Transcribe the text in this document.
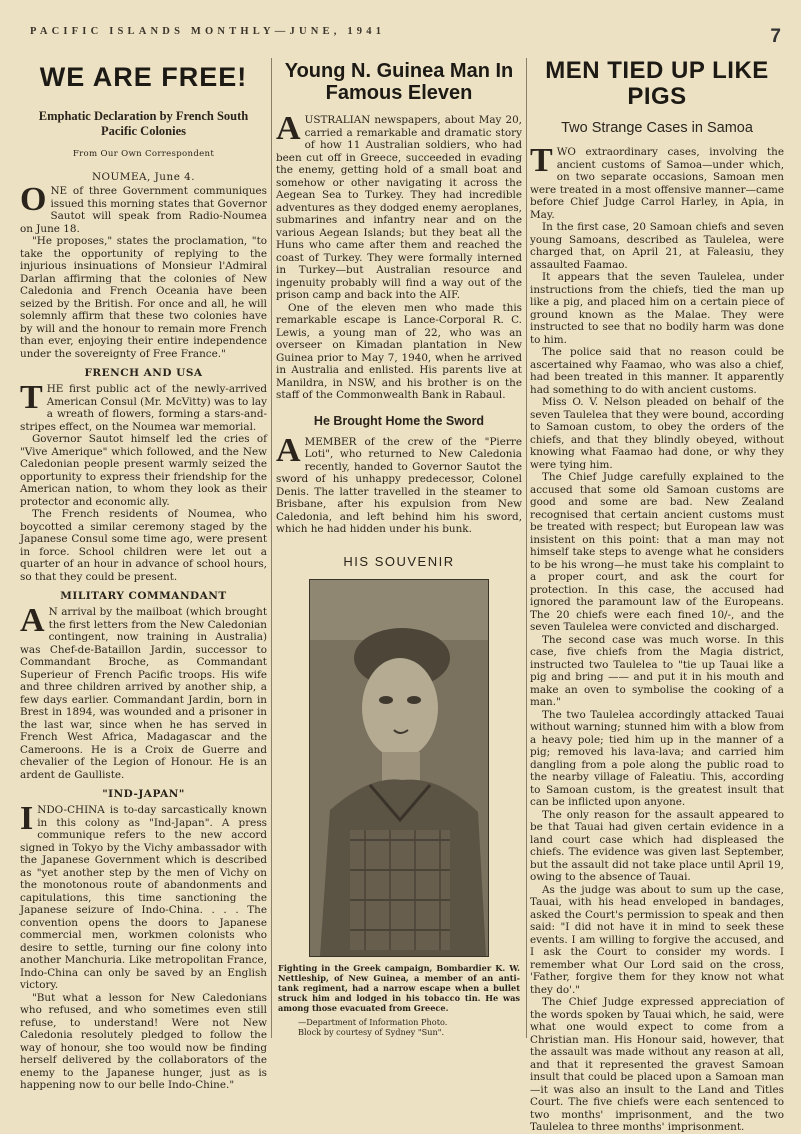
PACIFIC ISLANDS MONTHLY—JUNE, 1941	7
WE ARE FREE!
Emphatic Declaration by French South Pacific Colonies
From Our Own Correspondent
NOUMEA, June 4.

ONE of three Government communiques issued this morning states that Governor Sautot will speak from Radio-Noumea on June 18.

"He proposes," states the proclamation, "to take the opportunity of replying to the injurious insinuations of Monsieur l'Admiral Darlan affirming that the colonies of New Caledonia and French Oceania have been seized by the British. For once and all, he will solemnly affirm that these two colonies have by will and the honour to remain more French than ever, enjoying their entire independence under the sovereignty of Free France."

FRENCH AND USA

THE first public act of the newly-arrived American Consul (Mr. McVitty) was to lay a wreath of flowers, forming a stars-and-stripes effect, on the Noumea war memorial.

Governor Sautot himself led the cries of "Vive Amerique" which followed, and the New Caledonian people present warmly seized the opportunity to express their friendship for the American nation, to whom they look as their protector and economic ally.

The French residents of Noumea, who boycotted a similar ceremony staged by the Japanese Consul some time ago, were present in force. School children were let out a quarter of an hour in advance of school hours, so that they could be present.

MILITARY COMMANDANT

A N arrival by the mailboat (which brought the first letters from the New Caledonian contingent, now training in Australia) was Chef-de-Bataillon Jardin, successor to Commandant Broche, as Commandant Superieur of French Pacific troops. His wife and three children arrived by another ship, a few days earlier. Commandant Jardin, born in Brest in 1894, was wounded and a prisoner in the last war, since when he has served in French West Africa, Madagascar and the Cameroons. He is a Croix de Guerre and chevalier of the Legion of Honour. He is an ardent de Gaulliste.

"IND-JAPAN"

INDO-CHINA is to-day sarcastically known in this colony as "Ind-Japan". A press communique refers to the new accord signed in Tokyo by the Vichy ambassador with the Japanese Government which is described as "yet another step by the men of Vichy on the monotonous route of abandonments and capitulations, this time sanctioning the Japanese seizure of Indo-China. . . . The convention opens the doors to Japanese commercial men, workmen colonists who desire to settle, turning our fine colony into another Manchuria. Like metropolitan France, Indo-China can only be saved by an English victory.

"But what a lesson for New Caledonians who refused, and who sometimes even still refuse, to understand! Were not New Caledonia resolutely pledged to follow the way of honour, she too would now be finding herself delivered by the collaborators of the enemy to the Japanese hunger, just as is happening now to our belle Indo-Chine."

Young N. Guinea Man In Famous Eleven

AUSTRALIAN newspapers, about May 20, carried a remarkable and dramatic story of how 11 Australian soldiers, who had been cut off in Greece, succeeded in evading the enemy, getting hold of a small boat and somehow or other navigating it across the Aegean Sea to Turkey. They had incredible adventures as they dodged enemy aeroplanes, submarines and infantry near and on the various Aegean Islands; but they beat all the Huns who came after them and reached the coast of Turkey. They were formally interned in Turkey—but Australian resource and ingenuity probably will find a way out of the prison camp and back into the AIF.

One of the eleven men who made this remarkable escape is Lance-Corporal R. C. Lewis, a young man of 22, who was an overseer on Kimadan plantation in New Guinea prior to May 7, 1940, when he arrived in Australia and enlisted. His parents live at Manildra, in NSW, and his brother is on the staff of the Commonwealth Bank in Rabaul.

He Brought Home the Sword

AMEMBER of the crew of the "Pierre Loti", who returned to New Caledonia recently, handed to Governor Sautot the sword of his unhappy predecessor, Colonel Denis. The latter travelled in the steamer to Brisbane, after his expulsion from New Caledonia, and left behind him his sword, which he had hidden under his bunk.

HIS SOUVENIR
Fighting in the Greek campaign, Bombardier K. W. Nettleship, of New Guinea, a member of an anti-tank regiment, had a narrow escape when a bullet struck him and lodged in his tobacco tin. He was among those evacuated from Greece.
—Department of Information Photo.
Block by courtesy of Sydney "Sun".
MEN TIED UP LIKE PIGS
Two Strange Cases in Samoa

TWO extraordinary cases, involving the ancient customs of Samoa—under which, on two separate occasions, Samoan men were treated in a most offensive manner—came before Chief Judge Carrol Harley, in Apia, in May.

In the first case, 20 Samoan chiefs and seven young Samoans, described as Taulelea, were charged that, on April 21, at Faleasiu, they assaulted Faamao.

It appears that the seven Taulelea, under instructions from the chiefs, tied the man up like a pig, and placed him on a certain piece of ground known as the Malae. They were instructed to see that no bodily harm was done to him.

The police said that no reason could be ascertained why Faamao, who was also a chief, had been treated in this manner. It apparently had something to do with ancient customs.

Miss O. V. Nelson pleaded on behalf of the seven Taulelea that they were bound, according to Samoan custom, to obey the orders of the chiefs, and that they blindly obeyed, without knowing what Faamao had done, or why they were tying him.

The Chief Judge carefully explained to the accused that some old Samoan customs are good and some are bad. New Zealand recognised that certain ancient customs must be treated with respect; but European law was insistent on this point: that a man may not himself take steps to avenge what he considers to be his wrong—he must take his complaint to a proper court, and ask the court for protection. In this case, the accused had ignored the paramount law of the Europeans. The 20 chiefs were each fined 10/-, and the seven Taulelea were convicted and discharged.

The second case was much worse. In this case, five chiefs from the Magia district, instructed two Taulelea to "tie up Tauai like a pig and bring —— and put it in his mouth and make an oven to symbolise the cooking of a man."

The two Taulelea accordingly attacked Tauai without warning; stunned him with a blow from a heavy pole; tied him up in the manner of a pig; removed his lava-lava; and carried him dangling from a pole along the public road to the nearby village of Faleatiu. This, according to Samoan custom, is the greatest insult that can be inflicted upon anyone.

The only reason for the assault appeared to be that Tauai had given certain evidence in a land court case which had displeased the chiefs. The evidence was given last September, but the assault did not take place until April 19, owing to the absence of Tauai.

As the judge was about to sum up the case, Tauai, with his head enveloped in bandages, asked the Court's permission to speak and then said: "I did not have it in mind to seek these events. I am willing to forgive the accused, and I ask the Court to consider my words. I remember what Our Lord said on the cross, 'Father, forgive them for they know not what they do'."

The Chief Judge expressed appreciation of the words spoken by Tauai which, he said, were what one would expect to come from a Christian man. His Honour said, however, that the assault was made without any reason at all, and that it represented the gravest Samoan insult that could be placed upon a Samoan man—it was also an insult to the Land and Titles Court. The five chiefs were each sentenced to two months' imprisonment, and the two Taulelea to three months' imprisonment.
